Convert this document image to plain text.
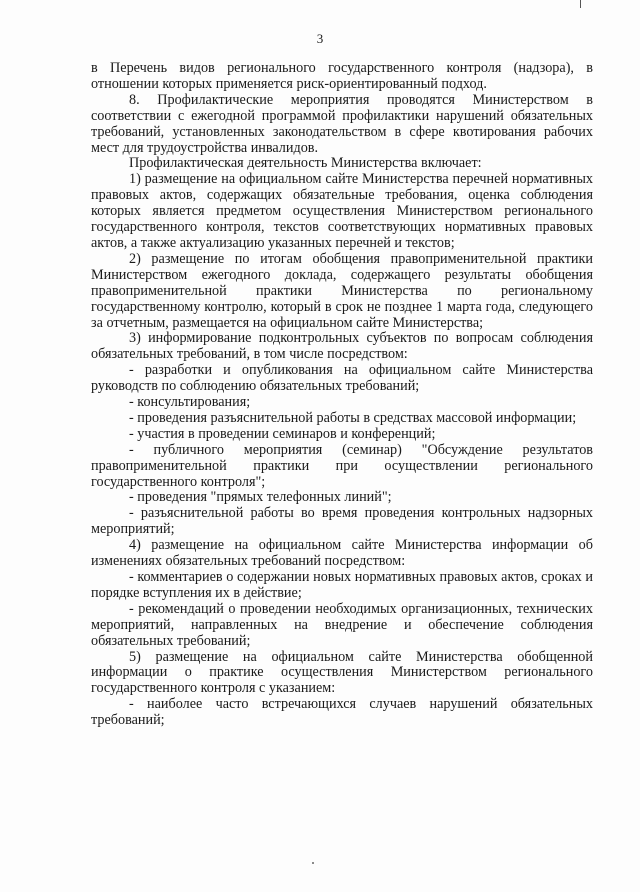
3

в Перечень видов регионального государственного контроля (надзора), в отношении которых применяется риск-ориентированный подход.

8. Профилактические мероприятия проводятся Министерством в соответствии с ежегодной программой профилактики нарушений обязательных требований, установленных законодательством в сфере квотирования рабочих мест для трудоустройства инвалидов.

Профилактическая деятельность Министерства включает:

1) размещение на официальном сайте Министерства перечней нормативных правовых актов, содержащих обязательные требования, оценка соблюдения которых является предметом осуществления Министерством регионального государственного контроля, текстов соответствующих нормативных правовых актов, а также актуализацию указанных перечней и текстов;

2) размещение по итогам обобщения правоприменительной практики Министерством ежегодного доклада, содержащего результаты обобщения правоприменительной практики Министерства по региональному государственному контролю, который в срок не позднее 1 марта года, следующего за отчетным, размещается на официальном сайте Министерства;

3) информирование подконтрольных субъектов по вопросам соблюдения обязательных требований, в том числе посредством:

- разработки и опубликования на официальном сайте Министерства руководств по соблюдению обязательных требований;

- консультирования;

- проведения разъяснительной работы в средствах массовой информации;

- участия в проведении семинаров и конференций;

- публичного мероприятия (семинар) "Обсуждение результатов правоприменительной практики при осуществлении регионального государственного контроля";

- проведения "прямых телефонных линий";

- разъяснительной работы во время проведения контрольных надзорных мероприятий;

4) размещение на официальном сайте Министерства информации об изменениях обязательных требований посредством:

- комментариев о содержании новых нормативных правовых актов, сроках и порядке вступления их в действие;

- рекомендаций о проведении необходимых организационных, технических мероприятий, направленных на внедрение и обеспечение соблюдения обязательных требований;

5) размещение на официальном сайте Министерства обобщенной информации о практике осуществления Министерством регионального государственного контроля с указанием:

- наиболее часто встречающихся случаев нарушений обязательных требований;
